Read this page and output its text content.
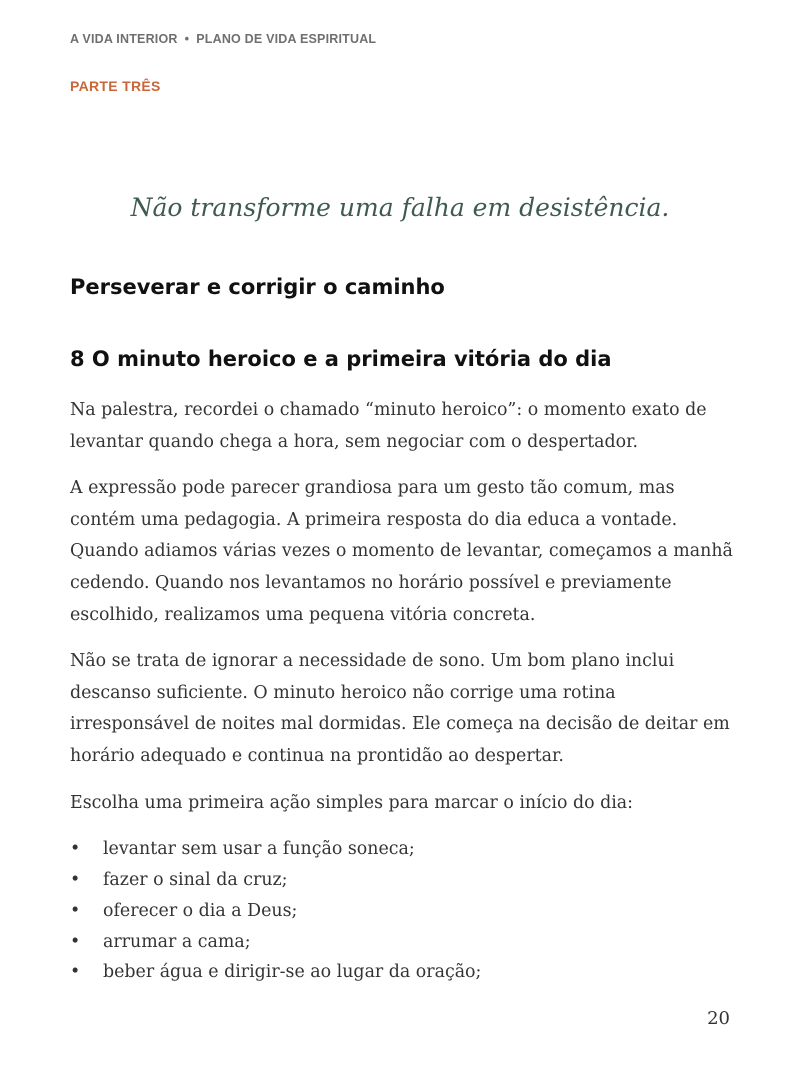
A VIDA INTERIOR • PLANO DE VIDA ESPIRITUAL
PARTE TRÊS
Não transforme uma falha em desistência.
Perseverar e corrigir o caminho
8 O minuto heroico e a primeira vitória do dia

Na palestra, recordei o chamado “minuto heroico”: o momento exato de levantar quando chega a hora, sem negociar com o despertador.

A expressão pode parecer grandiosa para um gesto tão comum, mas contém uma pedagogia. A primeira resposta do dia educa a vontade. Quando adiamos várias vezes o momento de levantar, começamos a manhã cedendo. Quando nos levantamos no horário possível e previamente escolhido, realizamos uma pequena vitória concreta.

Não se trata de ignorar a necessidade de sono. Um bom plano inclui descanso suficiente. O minuto heroico não corrige uma rotina irresponsável de noites mal dormidas. Ele começa na decisão de deitar em horário adequado e continua na prontidão ao despertar.

Escolha uma primeira ação simples para marcar o início do dia:

• levantar sem usar a função soneca;
• fazer o sinal da cruz;
• oferecer o dia a Deus;
• arrumar a cama;
• beber água e dirigir-se ao lugar da oração;
20
